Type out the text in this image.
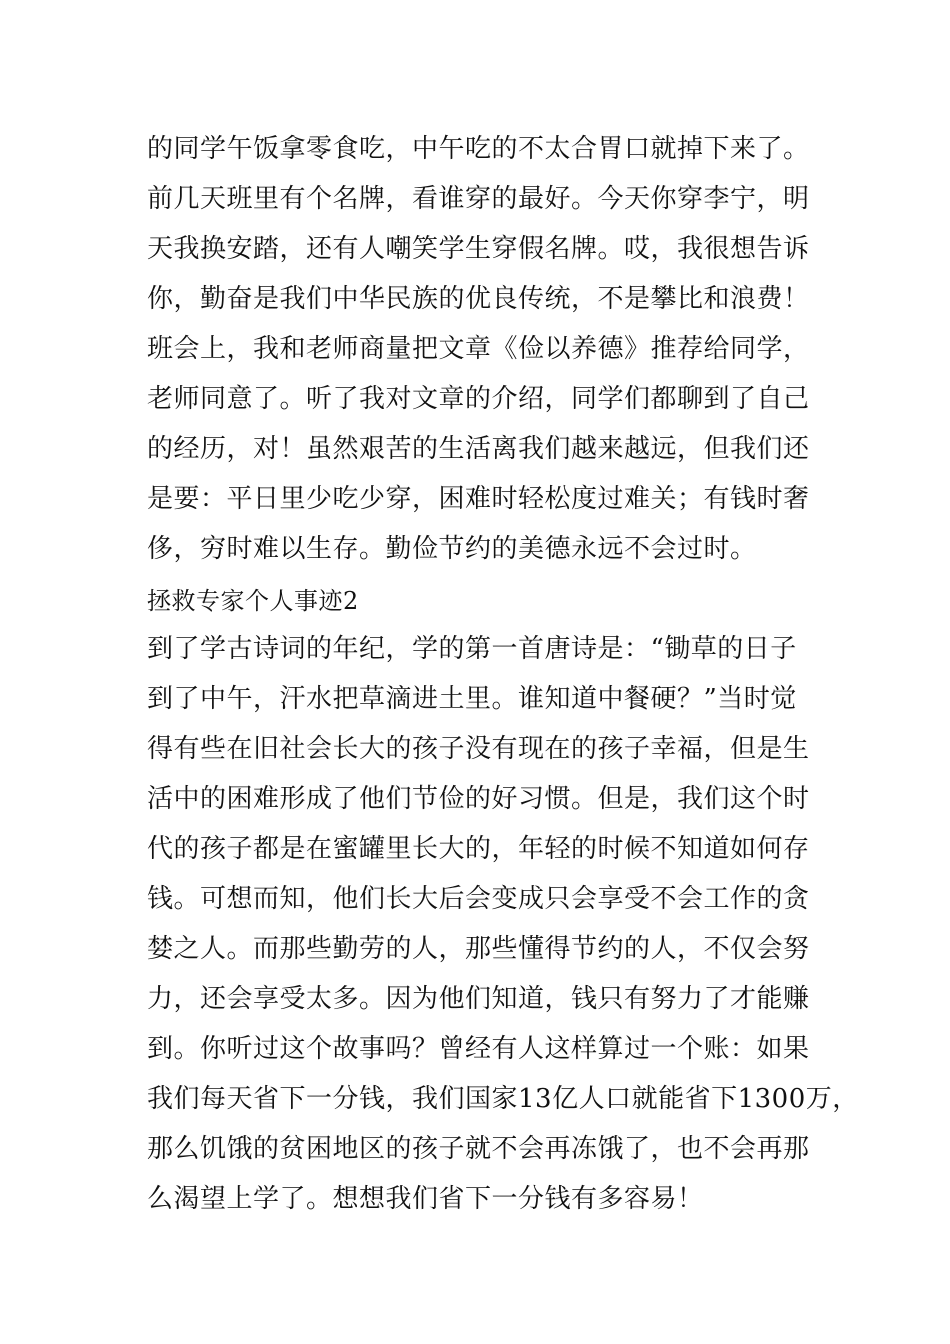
的同学午饭拿零食吃，中午吃的不太合胃口就掉下来了。
前几天班里有个名牌，看谁穿的最好。今天你穿李宁，明
天我换安踏，还有人嘲笑学生穿假名牌。哎，我很想告诉
你，勤奋是我们中华民族的优良传统，不是攀比和浪费！
班会上，我和老师商量把文章《俭以养德》推荐给同学，
老师同意了。听了我对文章的介绍，同学们都聊到了自己
的经历，对！虽然艰苦的生活离我们越来越远，但我们还
是要：平日里少吃少穿，困难时轻松度过难关；有钱时奢
侈，穷时难以生存。勤俭节约的美德永远不会过时。
拯救专家个人事迹2
到了学古诗词的年纪，学的第一首唐诗是：“锄草的日子
到了中午，汗水把草滴进土里。谁知道中餐硬？”当时觉
得有些在旧社会长大的孩子没有现在的孩子幸福，但是生
活中的困难形成了他们节俭的好习惯。但是，我们这个时
代的孩子都是在蜜罐里长大的，年轻的时候不知道如何存
钱。可想而知，他们长大后会变成只会享受不会工作的贪
婪之人。而那些勤劳的人，那些懂得节约的人，不仅会努
力，还会享受太多。因为他们知道，钱只有努力了才能赚
到。你听过这个故事吗？曾经有人这样算过一个账：如果
我们每天省下一分钱，我们国家13亿人口就能省下1300万，
那么饥饿的贫困地区的孩子就不会再冻饿了，也不会再那
么渴望上学了。想想我们省下一分钱有多容易！
